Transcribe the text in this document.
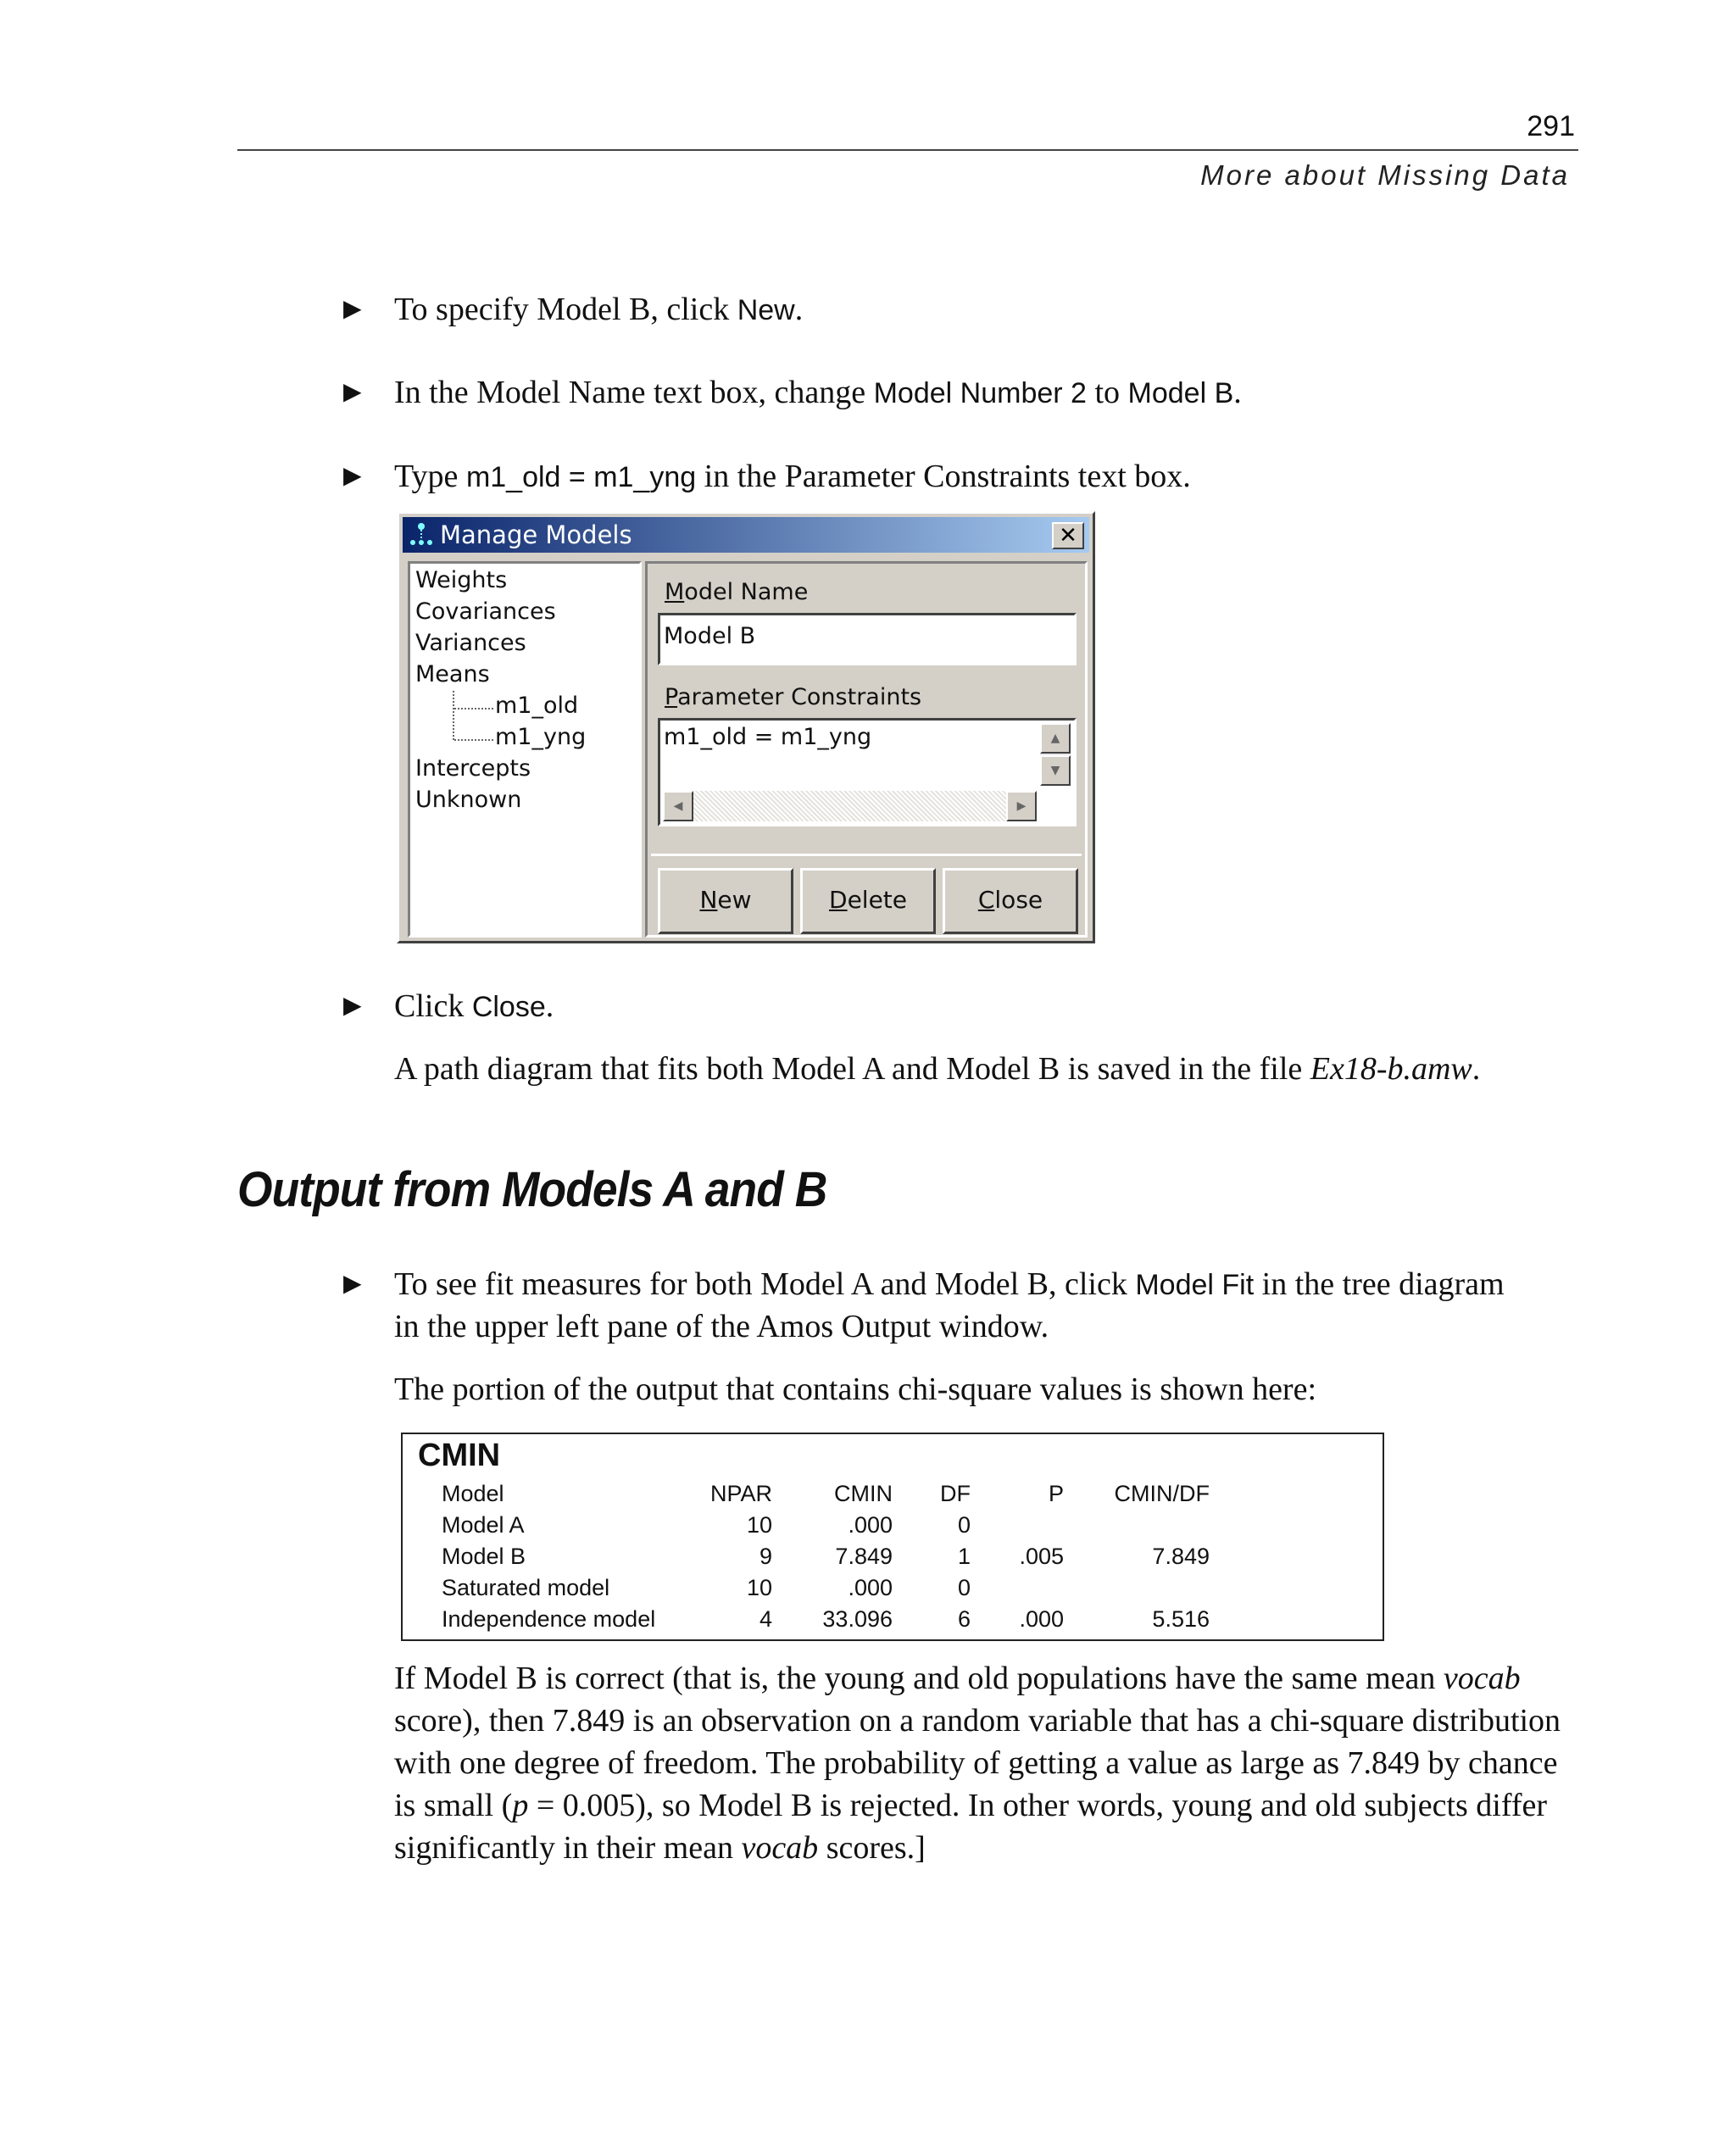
291
More about Missing Data
▶ To specify Model B, click New.
▶ In the Model Name text box, change Model Number 2 to Model B.
▶ Type m1_old = m1_yng in the Parameter Constraints text box.
Manage Models	✕
Weights
Covariances
Variances
Means
m1_old
m1_yng
Intercepts
Unknown
Model Name
Model B
Parameter Constraints
m1_old = m1_yng	▲
▼
◀	▶
New	Delete	Close
▶ Click Close.
A path diagram that fits both Model A and Model B is saved in the file Ex18-b.amw.
Output from Models A and B
▶ To see fit measures for both Model A and Model B, click Model Fit in the tree diagram
in the upper left pane of the Amos Output window.
The portion of the output that contains chi-square values is shown here:
CMIN
Model	NPAR	CMIN	DF	P	CMIN/DF
Model A	10	.000	0		
Model B	9	7.849	1	.005	7.849
Saturated model	10	.000	0		
Independence model	4	33.096	6	.000	5.516
If Model B is correct (that is, the young and old populations have the same mean vocab score), then 7.849 is an observation on a random variable that has a chi-square distribution with one degree of freedom. The probability of getting a value as large as 7.849 by chance is small (p = 0.005), so Model B is rejected. In other words, young and old subjects differ significantly in their mean vocab scores.]
